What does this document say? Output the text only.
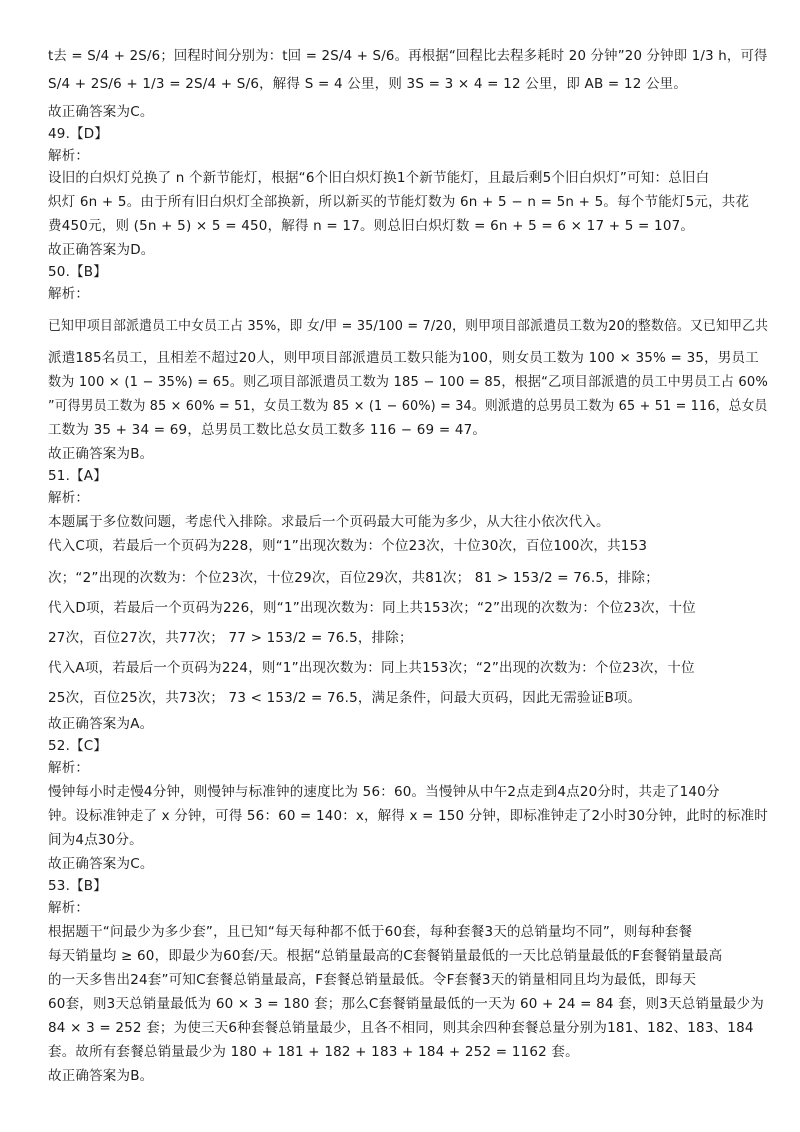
t去 = S/4 + 2S/6；回程时间分别为：t回 = 2S/4 + S/6。再根据“回程比去程多耗时 20 分钟”20 分钟即 1/3 h，可得
S/4 + 2S/6 + 1/3 = 2S/4 + S/6，解得 S = 4 公里，则 3S = 3 × 4 = 12 公里，即 AB = 12 公里。
故正确答案为C。
49.【D】
解析：
设旧的白炽灯兑换了 n 个新节能灯，根据“6个旧白炽灯换1个新节能灯，且最后剩5个旧白炽灯”可知：总旧白
炽灯 6n + 5。由于所有旧白炽灯全部换新，所以新买的节能灯数为 6n + 5 − n = 5n + 5。每个节能灯5元，共花
费450元，则 (5n + 5) × 5 = 450，解得 n = 17。则总旧白炽灯数 = 6n + 5 = 6 × 17 + 5 = 107。
故正确答案为D。
50.【B】
解析：
已知甲项目部派遣员工中女员工占 35%，即 女/甲 = 35/100 = 7/20，则甲项目部派遣员工数为20的整数倍。又已知甲乙共
派遣185名员工，且相差不超过20人，则甲项目部派遣员工数只能为100，则女员工数为 100 × 35% = 35，男员工
数为 100 × (1 − 35%) = 65。则乙项目部派遣员工数为 185 − 100 = 85，根据“乙项目部派遣的员工中男员工占 60%
”可得男员工数为 85 × 60% = 51，女员工数为 85 × (1 − 60%) = 34。则派遣的总男员工数为 65 + 51 = 116，总女员
工数为 35 + 34 = 69，总男员工数比总女员工数多 116 − 69 = 47。
故正确答案为B。
51.【A】
解析：
本题属于多位数问题，考虑代入排除。求最后一个页码最大可能为多少，从大往小依次代入。
代入C项，若最后一个页码为228，则“1”出现次数为：个位23次，十位30次，百位100次，共153
次；“2”出现的次数为：个位23次，十位29次，百位29次，共81次； 81 > 153/2 = 76.5，排除；
代入D项，若最后一个页码为226，则“1”出现次数为：同上共153次；“2”出现的次数为：个位23次，十位
27次，百位27次，共77次； 77 > 153/2 = 76.5，排除；
代入A项，若最后一个页码为224，则“1”出现次数为：同上共153次；“2”出现的次数为：个位23次，十位
25次，百位25次，共73次； 73 < 153/2 = 76.5，满足条件，问最大页码，因此无需验证B项。
故正确答案为A。
52.【C】
解析：
慢钟每小时走慢4分钟，则慢钟与标准钟的速度比为 56：60。当慢钟从中午2点走到4点20分时，共走了140分
钟。设标准钟走了 x 分钟，可得 56：60 = 140：x，解得 x = 150 分钟，即标准钟走了2小时30分钟，此时的标准时
间为4点30分。
故正确答案为C。
53.【B】
解析：
根据题干“问最少为多少套”，且已知“每天每种都不低于60套，每种套餐3天的总销量均不同”，则每种套餐
每天销量均 ≥ 60，即最少为60套/天。根据“总销量最高的C套餐销量最低的一天比总销量最低的F套餐销量最高
的一天多售出24套”可知C套餐总销量最高，F套餐总销量最低。令F套餐3天的销量相同且均为最低，即每天
60套，则3天总销量最低为 60 × 3 = 180 套；那么C套餐销量最低的一天为 60 + 24 = 84 套，则3天总销量最少为
84 × 3 = 252 套；为使三天6种套餐总销量最少，且各不相同，则其余四种套餐总量分别为181、182、183、184
套。故所有套餐总销量最少为 180 + 181 + 182 + 183 + 184 + 252 = 1162 套。
故正确答案为B。
